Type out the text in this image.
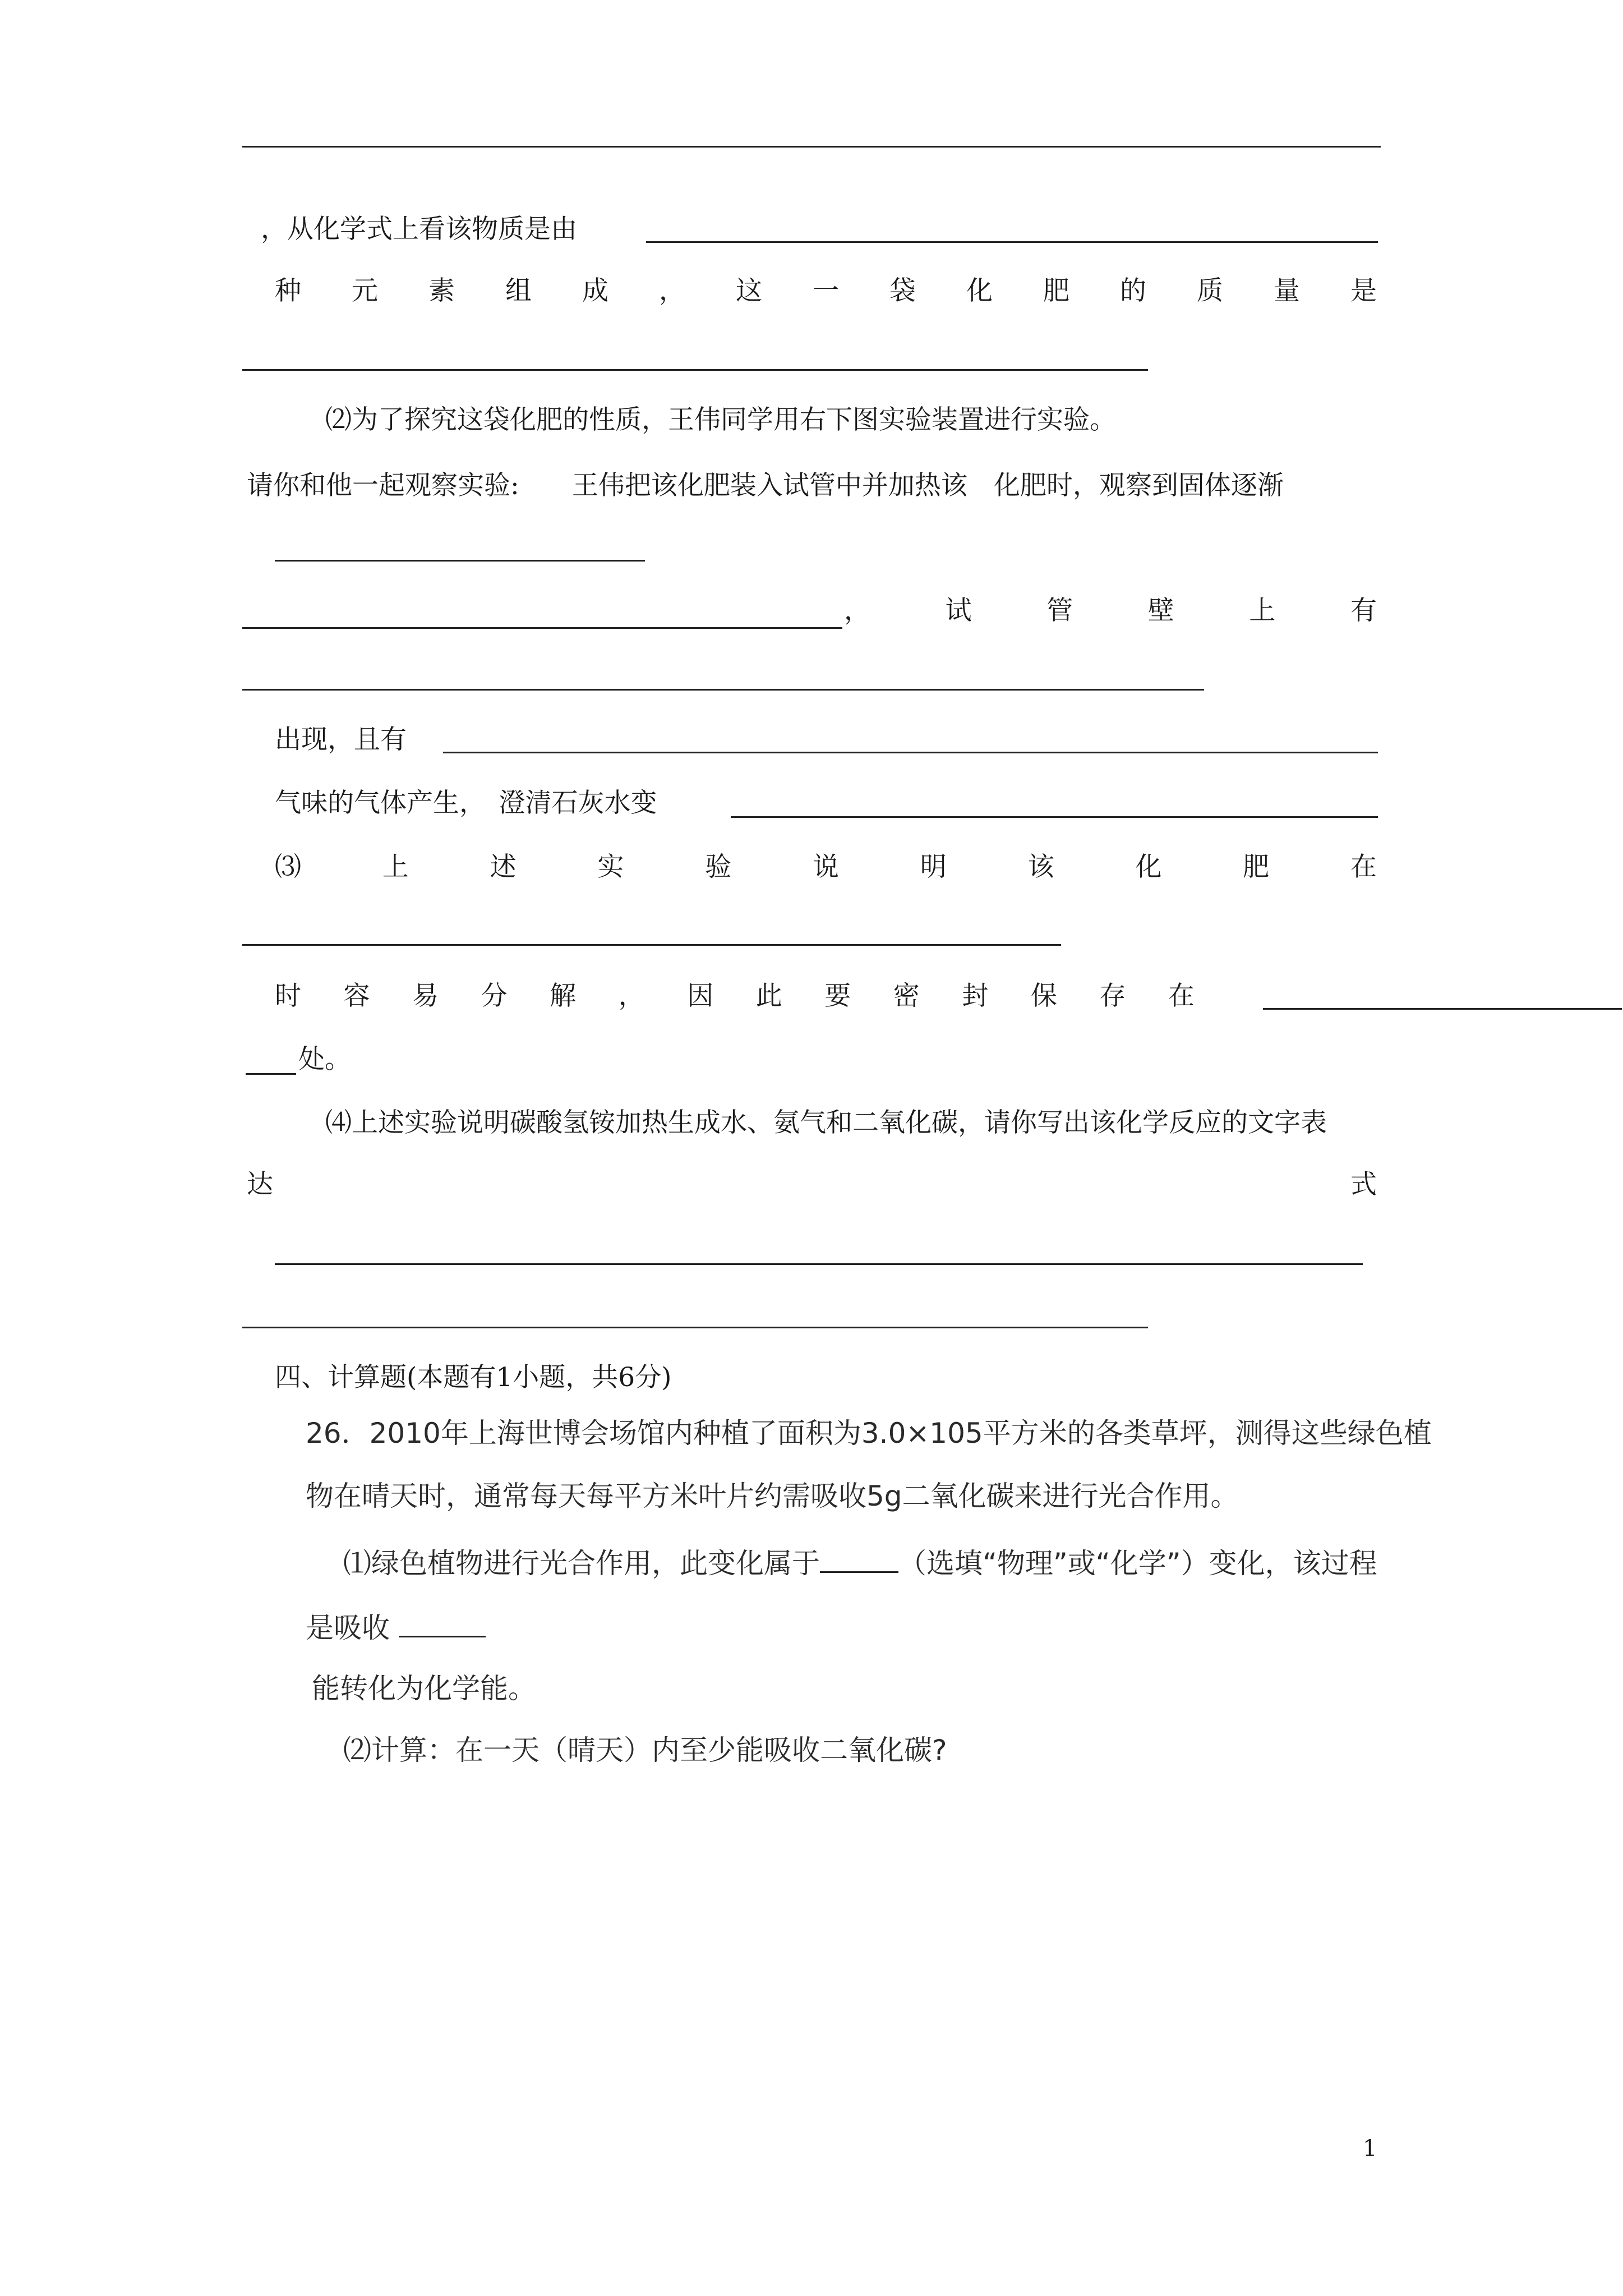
，从化学式上看该物质是由
种 元 素 组 成 ， 这 一 袋 化 肥 的 质 量 是
⑵为了探究这袋化肥的性质，王伟同学用右下图实验装置进行实验。
请你和他一起观察实验:　　王伟把该化肥装入试管中并加热该　化肥时，观察到固体逐渐
，	试	管	壁	上	有
出现，且有
气味的气体产生，　澄清石灰水变
⑶	上	述	实	验	说	明	该	化	肥	在
时 容 易 分 解 ， 因 此 要 密 封 保 存 在
处。
⑷上述实验说明碳酸氢铵加热生成水、氨气和二氧化碳，请你写出该化学反应的文字表
达	式
四、计算题(本题有1小题，共6分)
26．2010年上海世博会场馆内种植了面积为3.0×105平方米的各类草坪，测得这些绿色植
物在晴天时，通常每天每平方米叶片约需吸收5g二氧化碳来进行光合作用。
⑴绿色植物进行光合作用，此变化属于	（选填“物理”或“化学”）变化，该过程
是吸收
能转化为化学能。
⑵计算：在一天（晴天）内至少能吸收二氧化碳?
1
